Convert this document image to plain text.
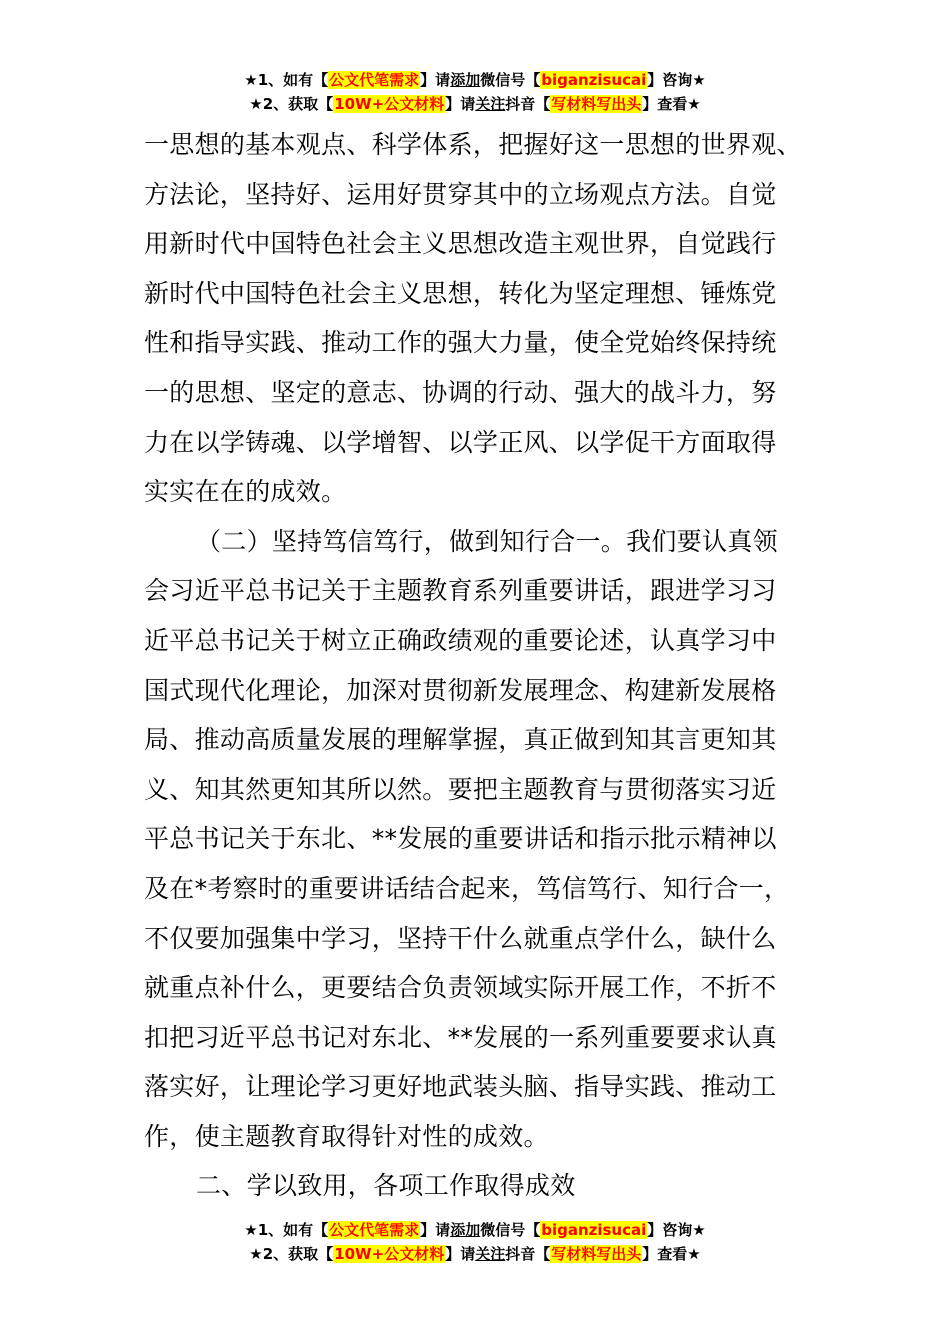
★1、如有【公文代笔需求】请添加微信号【biganzisucai】咨询★
★2、获取【10W+公文材料】请关注抖音【写材料写出头】查看★
一思想的基本观点、科学体系，把握好这一思想的世界观、
方法论，坚持好、运用好贯穿其中的立场观点方法。自觉
用新时代中国特色社会主义思想改造主观世界，自觉践行
新时代中国特色社会主义思想，转化为坚定理想、锤炼党
性和指导实践、推动工作的强大力量，使全党始终保持统
一的思想、坚定的意志、协调的行动、强大的战斗力，努
力在以学铸魂、以学增智、以学正风、以学促干方面取得
实实在在的成效。
（二）坚持笃信笃行，做到知行合一。我们要认真领
会习近平总书记关于主题教育系列重要讲话，跟进学习习
近平总书记关于树立正确政绩观的重要论述，认真学习中
国式现代化理论，加深对贯彻新发展理念、构建新发展格
局、推动高质量发展的理解掌握，真正做到知其言更知其
义、知其然更知其所以然。要把主题教育与贯彻落实习近
平总书记关于东北、**发展的重要讲话和指示批示精神以
及在*考察时的重要讲话结合起来，笃信笃行、知行合一，
不仅要加强集中学习，坚持干什么就重点学什么，缺什么
就重点补什么，更要结合负责领域实际开展工作，不折不
扣把习近平总书记对东北、**发展的一系列重要要求认真
落实好，让理论学习更好地武装头脑、指导实践、推动工
作，使主题教育取得针对性的成效。
二、学以致用，各项工作取得成效
★1、如有【公文代笔需求】请添加微信号【biganzisucai】咨询★
★2、获取【10W+公文材料】请关注抖音【写材料写出头】查看★
